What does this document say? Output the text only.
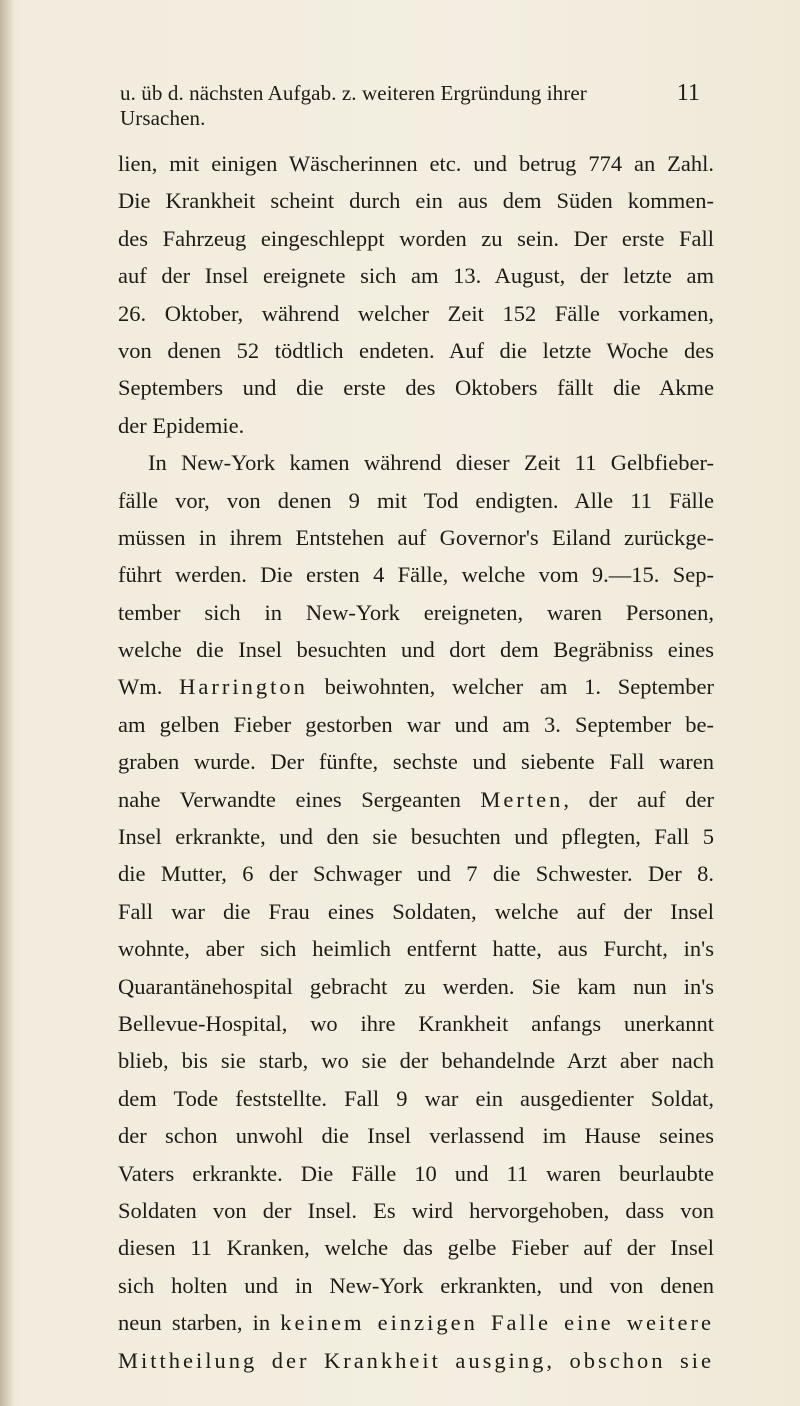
u. üb d. nächsten Aufgab. z. weiteren Ergründung ihrer Ursachen.
11
lien, mit einigen Wäscherinnen etc. und betrug 774 an Zahl.
Die Krankheit scheint durch ein aus dem Süden kommen-
des Fahrzeug eingeschleppt worden zu sein. Der erste Fall
auf der Insel ereignete sich am 13. August, der letzte am
26. Oktober, während welcher Zeit 152 Fälle vorkamen,
von denen 52 tödtlich endeten. Auf die letzte Woche des
Septembers und die erste des Oktobers fällt die Akme
der Epidemie.
In New-York kamen während dieser Zeit 11 Gelbfieber-
fälle vor, von denen 9 mit Tod endigten. Alle 11 Fälle
müssen in ihrem Entstehen auf Governor's Eiland zurückge-
führt werden. Die ersten 4 Fälle, welche vom 9.—15. Sep-
tember sich in New-York ereigneten, waren Personen,
welche die Insel besuchten und dort dem Begräbniss eines
Wm. Harrington beiwohnten, welcher am 1. September
am gelben Fieber gestorben war und am 3. September be-
graben wurde. Der fünfte, sechste und siebente Fall waren
nahe Verwandte eines Sergeanten Merten, der auf der
Insel erkrankte, und den sie besuchten und pflegten, Fall 5
die Mutter, 6 der Schwager und 7 die Schwester. Der 8.
Fall war die Frau eines Soldaten, welche auf der Insel
wohnte, aber sich heimlich entfernt hatte, aus Furcht, in's
Quarantänehospital gebracht zu werden. Sie kam nun in's
Bellevue-Hospital, wo ihre Krankheit anfangs unerkannt
blieb, bis sie starb, wo sie der behandelnde Arzt aber nach
dem Tode feststellte. Fall 9 war ein ausgedienter Soldat,
der schon unwohl die Insel verlassend im Hause seines
Vaters erkrankte. Die Fälle 10 und 11 waren beurlaubte
Soldaten von der Insel. Es wird hervorgehoben, dass von
diesen 11 Kranken, welche das gelbe Fieber auf der Insel
sich holten und in New-York erkrankten, und von denen
neun starben, in keinem einzigen Falle eine weitere
Mittheilung der Krankheit ausging, obschon sie
